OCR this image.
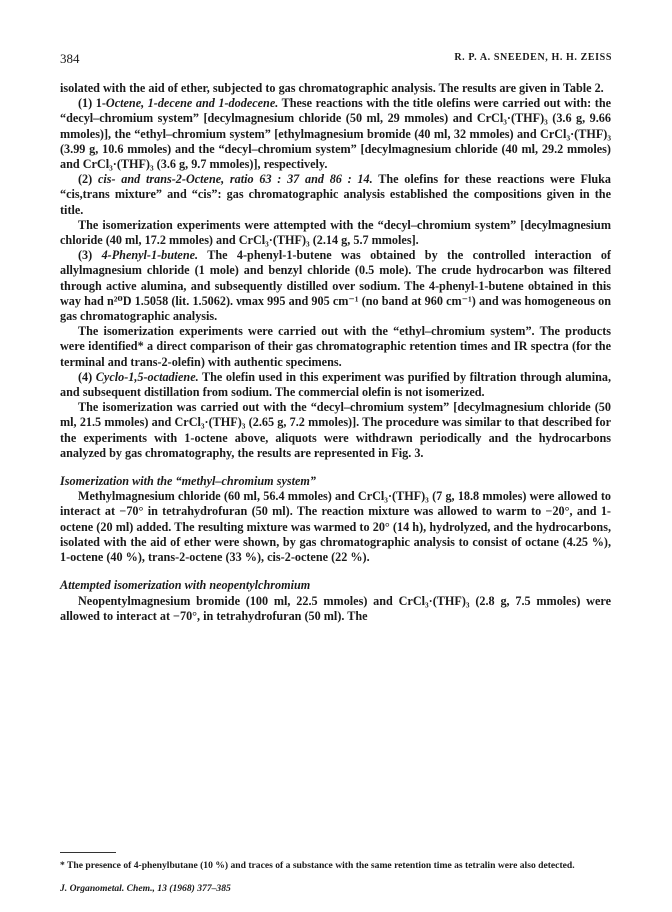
384	R. P. A. SNEEDEN, H. H. ZEISS

isolated with the aid of ether, subjected to gas chromatographic analysis. The results are given in Table 2.

(1) 1-Octene, 1-decene and 1-dodecene. These reactions with the title olefins were carried out with: the “decyl–chromium system” [decylmagnesium chloride (50 ml, 29 mmoles) and CrCl₃·(THF)₃ (3.6 g, 9.66 mmoles)], the “ethyl–chromium system” [ethylmagnesium bromide (40 ml, 32 mmoles) and CrCl₃·(THF)₃ (3.99 g, 10.6 mmoles) and the “decyl–chromium system” [decylmagnesium chloride (40 ml, 29.2 mmoles) and CrCl₃·(THF)₃ (3.6 g, 9.7 mmoles)], respectively.

(2) cis- and trans-2-Octene, ratio 63 : 37 and 86 : 14. The olefins for these reactions were Fluka “cis,trans mixture” and “cis”: gas chromatographic analysis established the compositions given in the title.

The isomerization experiments were attempted with the “decyl–chromium system” [decylmagnesium chloride (40 ml, 17.2 mmoles) and CrCl₃·(THF)₃ (2.14 g, 5.7 mmoles].

(3) 4-Phenyl-1-butene. The 4-phenyl-1-butene was obtained by the controlled interaction of allylmagnesium chloride (1 mole) and benzyl chloride (0.5 mole). The crude hydrocarbon was filtered through active alumina, and subsequently distilled over sodium. The 4-phenyl-1-butene obtained in this way had n²⁰D 1.5058 (lit. 1.5062). νmax 995 and 905 cm⁻¹ (no band at 960 cm⁻¹) and was homogeneous on gas chromatographic analysis.

The isomerization experiments were carried out with the “ethyl–chromium system”. The products were identified* a direct comparison of their gas chromatographic retention times and IR spectra (for the terminal and trans-2-olefin) with authentic specimens.

(4) Cyclo-1,5-octadiene. The olefin used in this experiment was purified by filtration through alumina, and subsequent distillation from sodium. The commercial olefin is not isomerized.

The isomerization was carried out with the “decyl–chromium system” [decylmagnesium chloride (50 ml, 21.5 mmoles) and CrCl₃·(THF)₃ (2.65 g, 7.2 mmoles)]. The procedure was similar to that described for the experiments with 1-octene above, aliquots were withdrawn periodically and the hydrocarbons analyzed by gas chromatography, the results are represented in Fig. 3.

Isomerization with the “methyl–chromium system”

Methylmagnesium chloride (60 ml, 56.4 mmoles) and CrCl₃·(THF)₃ (7 g, 18.8 mmoles) were allowed to interact at −70° in tetrahydrofuran (50 ml). The reaction mixture was allowed to warm to −20°, and 1-octene (20 ml) added. The resulting mixture was warmed to 20° (14 h), hydrolyzed, and the hydrocarbons, isolated with the aid of ether were shown, by gas chromatographic analysis to consist of octane (4.25 %), 1-octene (40 %), trans-2-octene (33 %), cis-2-octene (22 %).

Attempted isomerization with neopentylchromium

Neopentylmagnesium bromide (100 ml, 22.5 mmoles) and CrCl₃·(THF)₃ (2.8 g, 7.5 mmoles) were allowed to interact at −70°, in tetrahydrofuran (50 ml). The

* The presence of 4-phenylbutane (10 %) and traces of a substance with the same retention time as tetralin were also detected.
J. Organometal. Chem., 13 (1968) 377–385
